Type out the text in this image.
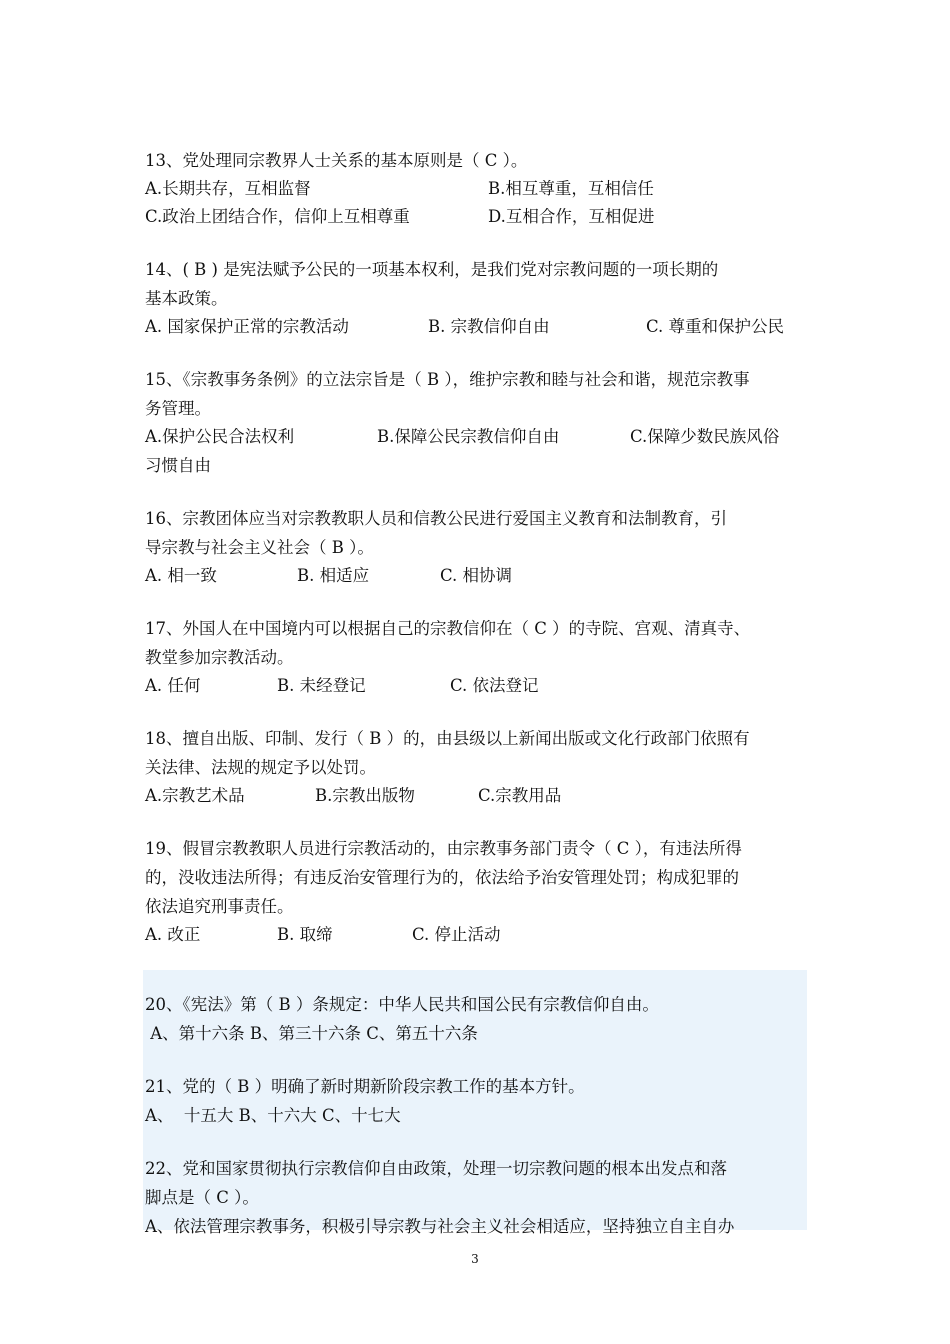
13、党处理同宗教界人士关系的基本原则是（ C ）。
A.长期共存，互相监督	B.相互尊重，互相信任
C.政治上团结合作，信仰上互相尊重	D.互相合作，互相促进
14、( B ) 是宪法赋予公民的一项基本权利，是我们党对宗教问题的一项长期的
基本政策。
A. 国家保护正常的宗教活动	B. 宗教信仰自由	C. 尊重和保护公民
15、《宗教事务条例》的立法宗旨是（ B ），维护宗教和睦与社会和谐，规范宗教事
务管理。
A.保护公民合法权利	B.保障公民宗教信仰自由	C.保障少数民族风俗
习惯自由
16、宗教团体应当对宗教教职人员和信教公民进行爱国主义教育和法制教育，引
导宗教与社会主义社会（ B ）。
A. 相一致	B. 相适应	C. 相协调
17、外国人在中国境内可以根据自己的宗教信仰在（ C ）的寺院、宫观、清真寺、
教堂参加宗教活动。
A. 任何	B. 未经登记	C. 依法登记
18、擅自出版、印制、发行（ B ）的，由县级以上新闻出版或文化行政部门依照有
关法律、法规的规定予以处罚。
A.宗教艺术品	B.宗教出版物	C.宗教用品
19、假冒宗教教职人员进行宗教活动的，由宗教事务部门责令（ C ），有违法所得
的，没收违法所得；有违反治安管理行为的，依法给予治安管理处罚；构成犯罪的
依法追究刑事责任。
A. 改正	B. 取缔	C. 停止活动
20、《宪法》第（ B ）条规定：中华人民共和国公民有宗教信仰自由。
A、第十六条 B、第三十六条 C、第五十六条
21、党的（ B ）明确了新时期新阶段宗教工作的基本方针。
A、  十五大 B、十六大 C、十七大
22、党和国家贯彻执行宗教信仰自由政策，处理一切宗教问题的根本出发点和落
脚点是（ C ）。
A、依法管理宗教事务，积极引导宗教与社会主义社会相适应，坚持独立自主自办
3
